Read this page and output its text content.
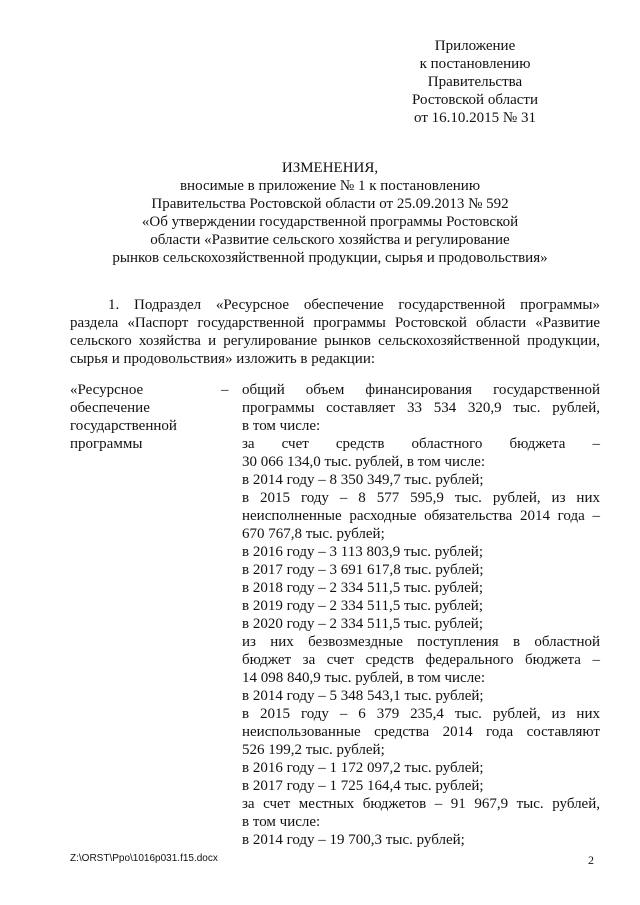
Приложение
к постановлению
Правительства
Ростовской области
от 16.10.2015 № 31
ИЗМЕНЕНИЯ,
вносимые в приложение № 1 к постановлению
Правительства Ростовской области от 25.09.2013 № 592
«Об утверждении государственной программы Ростовской
области «Развитие сельского хозяйства и регулирование
рынков сельскохозяйственной продукции, сырья и продовольствия»
1. Подраздел «Ресурсное обеспечение государственной программы»
раздела «Паспорт государственной программы Ростовской области «Развитие
сельского хозяйства и регулирование рынков сельскохозяйственной продукции,
сырья и продовольствия» изложить в редакции:
«Ресурсное
обеспечение
государственной
программы
– общий объем финансирования государственной
программы составляет 33 534 320,9 тыс. рублей,
в том числе:
за счет средств областного бюджета –
30 066 134,0 тыс. рублей, в том числе:
в 2014 году – 8 350 349,7 тыс. рублей;
в 2015 году – 8 577 595,9 тыс. рублей, из них
неисполненные расходные обязательства 2014 года –
670 767,8 тыс. рублей;
в 2016 году – 3 113 803,9 тыс. рублей;
в 2017 году – 3 691 617,8 тыс. рублей;
в 2018 году – 2 334 511,5 тыс. рублей;
в 2019 году – 2 334 511,5 тыс. рублей;
в 2020 году – 2 334 511,5 тыс. рублей;
из них безвозмездные поступления в областной
бюджет за счет средств федерального бюджета –
14 098 840,9 тыс. рублей, в том числе:
в 2014 году – 5 348 543,1 тыс. рублей;
в 2015 году – 6 379 235,4 тыс. рублей, из них
неиспользованные средства 2014 года составляют
526 199,2 тыс. рублей;
в 2016 году – 1 172 097,2 тыс. рублей;
в 2017 году – 1 725 164,4 тыс. рублей;
за счет местных бюджетов – 91 967,9 тыс. рублей,
в том числе:
в 2014 году – 19 700,3 тыс. рублей;
Z:\ORST\Ppo\1016p031.f15.docx	2
